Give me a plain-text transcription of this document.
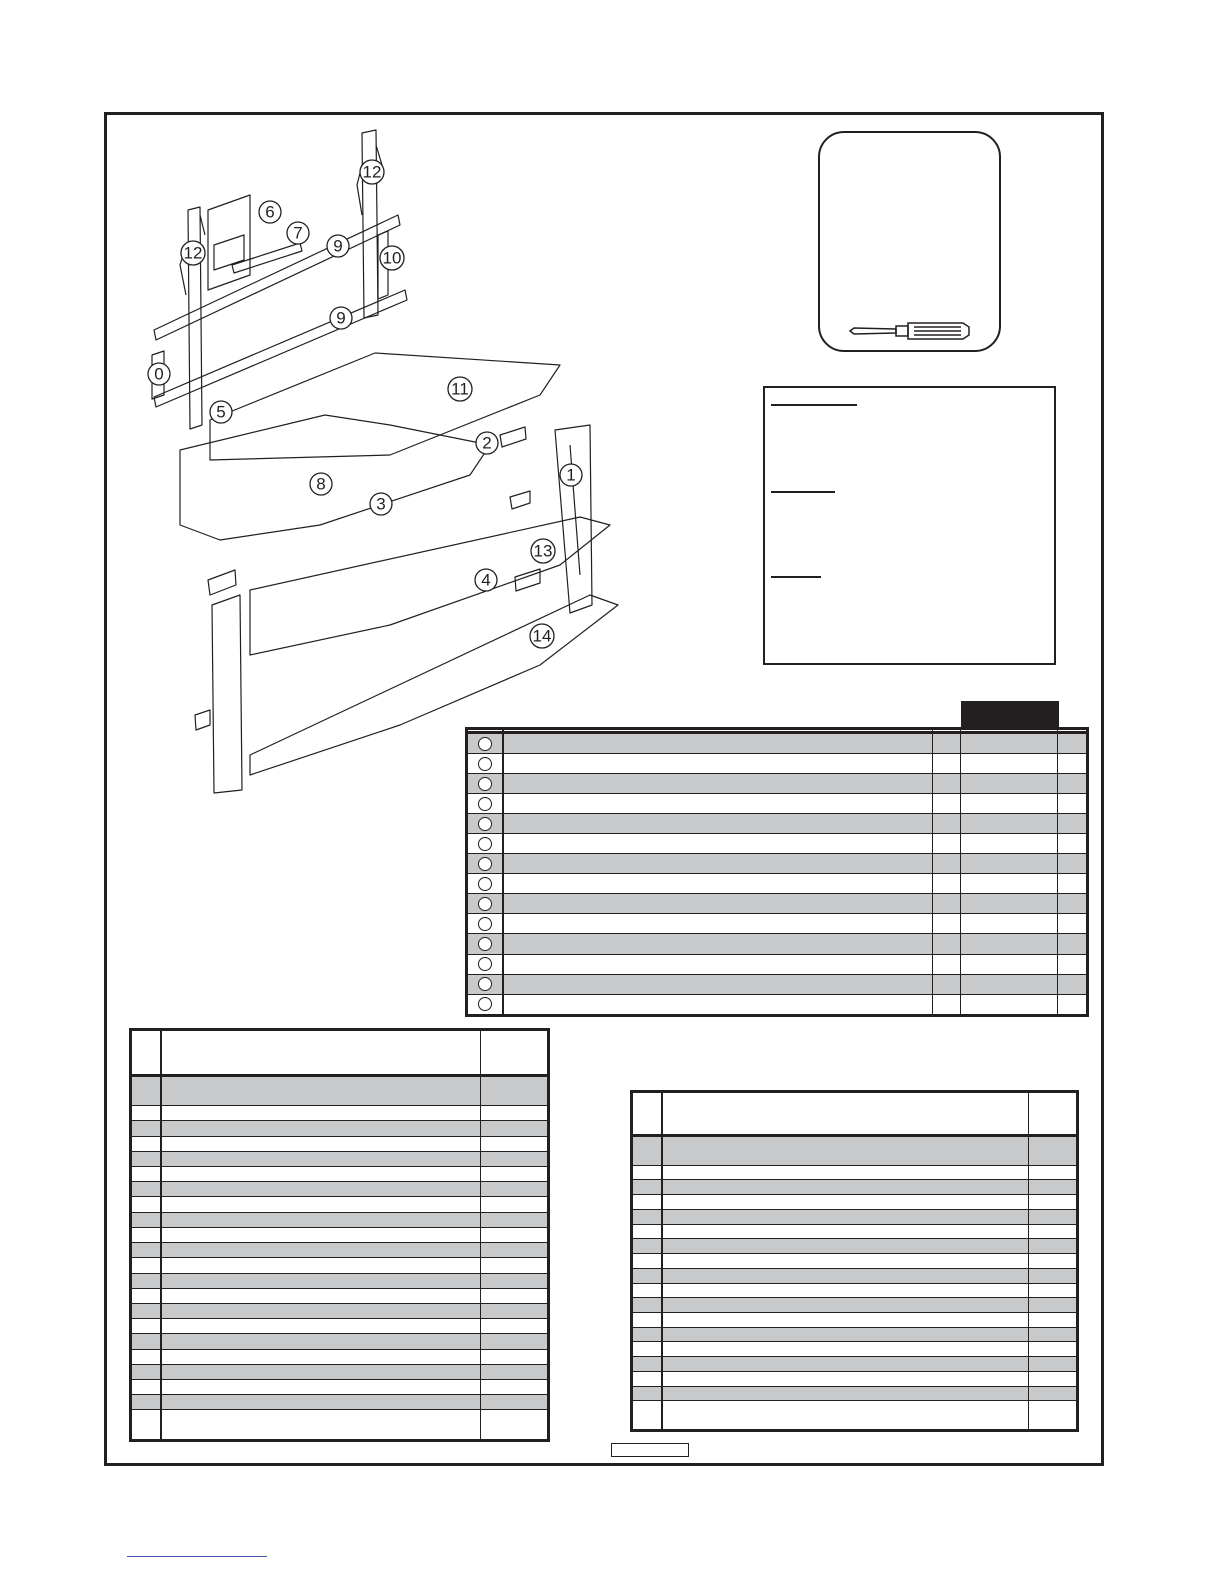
12
6
7
9
10
12
9
0
5
11
2
1
8
3
13
4
14
